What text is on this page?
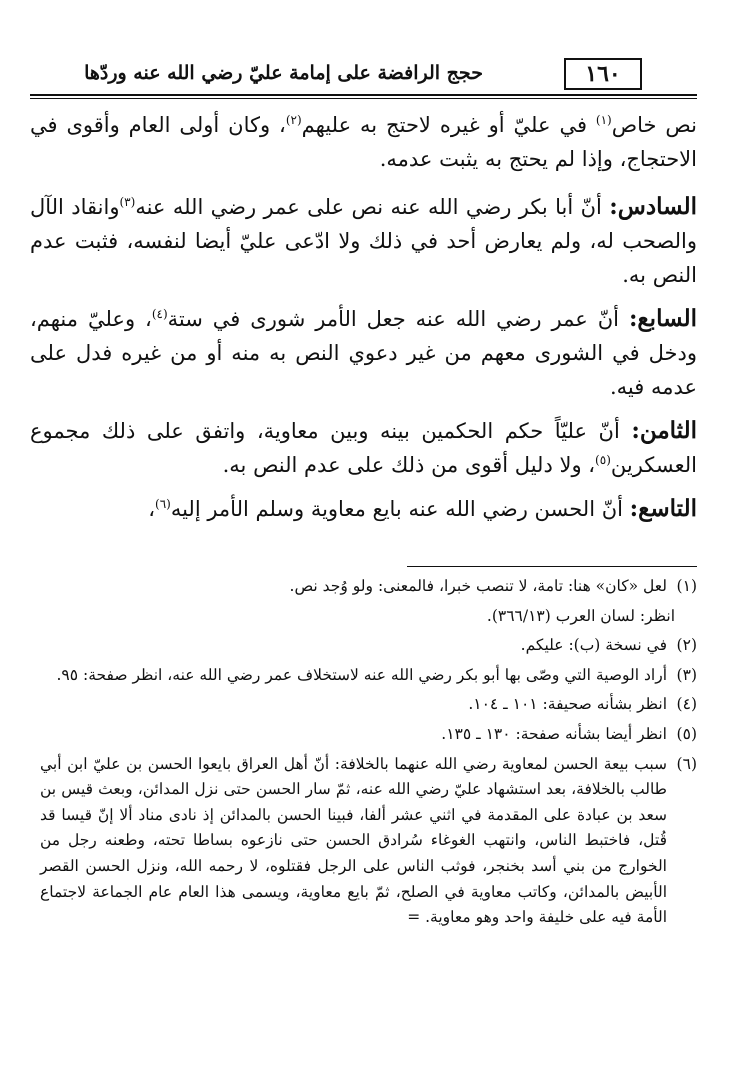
١٦٠
حجج الرافضة على إمامة عليّ رضي الله عنه وردّها

نص خاص$^{(١)}$ في عليّ أو غيره لاحتج به عليهم$^{(٢)}$، وكان أولى العام وأقوى في الاحتجاج، وإذا لم يحتج به يثبت عدمه.

السادس: أنّ أبا بكر رضي الله عنه نص على عمر رضي الله عنه$^{(٣)}$وانقاد الآل والصحب له، ولم يعارض أحد في ذلك ولا ادّعى عليّ أيضا لنفسه، فثبت عدم النص به.

السابع: أنّ عمر رضي الله عنه جعل الأمر شورى في ستة$^{(٤)}$، وعليّ منهم، ودخل في الشورى معهم من غير دعوي النص به منه أو من غيره فدل على عدمه فيه.

الثامن: أنّ عليّاً حكم الحكمين بينه وبين معاوية، واتفق على ذلك مجموع العسكرين$^{(٥)}$، ولا دليل أقوى من ذلك على عدم النص به.

التاسع: أنّ الحسن رضي الله عنه بايع معاوية وسلم الأمر إليه$^{(٦)}$،

(١)
لعل «كان» هنا: تامة، لا تنصب خبرا، فالمعنى: ولو وُجد نص.
انظر: لسان العرب (٣٦٦/١٣).
(٢)
في نسخة (ب): عليكم.
(٣)
أراد الوصية التي وصّى بها أبو بكر رضي الله عنه لاستخلاف عمر رضي الله عنه، انظر صفحة: ٩٥.
(٤)
انظر بشأنه صحيفة: ١٠١ ـ ١٠٤.
(٥)
انظر أيضا بشأنه صفحة: ١٣٠ ـ ١٣٥.
(٦)
سبب بيعة الحسن لمعاوية رضي الله عنهما بالخلافة: أنّ أهل العراق بايعوا الحسن بن عليّ ابن أبي طالب بالخلافة، بعد استشهاد عليّ رضي الله عنه، ثمّ سار الحسن حتى نزل المدائن، وبعث قيس بن سعد بن عبادة على المقدمة في اثني عشر ألفا، فبينا الحسن بالمدائن إذ نادى مناد ألا إنّ قيسا قد قُتل، فاختبط الناس، وانتهب الغوغاء سُرادق الحسن حتى نازعوه بساطا تحته، وطعنه رجل من الخوارج من بني أسد بخنجر، فوثب الناس على الرجل فقتلوه، لا رحمه الله، ونزل الحسن القصر الأبيض بالمدائن، وكاتب معاوية في الصلح، ثمّ بايع معاوية، ويسمى هذا العام عام الجماعة لاجتماع الأمة فيه على خليفة واحد وهو معاوية. =
